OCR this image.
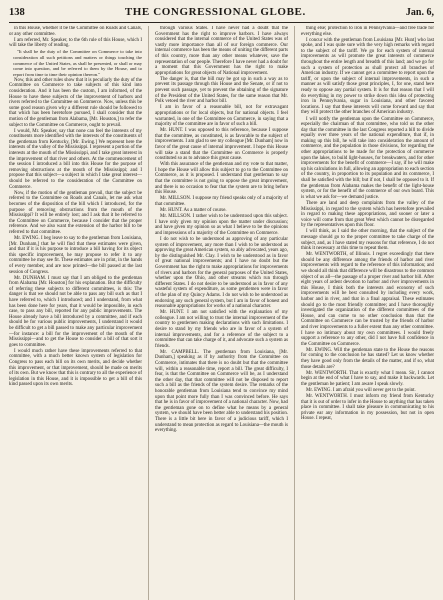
138	THE CONGRESSIONAL GLOBE.	Jan. 6,

in this House, whether it be the Committee on Roads and Canals, or any other committee.

I am referred, Mr. Speaker, to the 6th rule of this House, which I will take the liberty of reading.

"It shall be the duty of the Committee on Commerce to take into consideration all such petitions and matters or things touching the commerce of the United States, as shall be presented, or shall or may come into question, and be referred to them by the House, and to report from time to time their opinion thereon."

Now, this and other rules show that it is peculiarly the duty of the Committee on Commerce to take subjects of this kind into consideration. And it has been the custom, I am informed, of the House to have these subjects of the improvement of harbors and rivers referred to the Committee on Commerce. Now, unless this be some good reason given why a different rule should be followed to that which has been heretofore pursued, I shall consider that the motion of the gentleman from Alabama, [Mr. Houston,] to refer the subject to the Committee on Commerce, ought to prevail.

I would, Mr. Speaker, say that none can feel the interests of my constituents more identified with the interests of the constituents of the gentleman from Kentucky, [Mr. Ewing.] We represent here the interests of the valley of the Mississippi. I represent a portion of the interests at the mouth of the Mississippi, and I take great interest in the improvement of that river and others. At the commencement of the session I introduced a bill into this House for the purpose of removing obstructions at the mouth of the Mississippi; and I propose that this subject—a subject in which I take great interest—should be referred to the consideration of the Committee on Commerce.

Now, if the motion of the gentleman prevail, that the subject be referred to the Committee on Roads and Canals, let me ask what becomes of the disposition of the bill which I introduced, for the purpose of removing obstructions from the mouth of the Mississippi? It will be entirely lost; and I ask that it be referred to the Committee on Commerce, because I consider that the proper reference. And we also want the extension of the harbor bill to be referred to that committee.

Mr. EWING. I beg leave to say to the gentleman from Louisiana, [Mr. Dunham,] that he will find that these estimates were given, and that if it is his purpose to introduce a bill having for its object this specific improvement, he may propose to refer it to any committee he may see fit. These estimates are in print, in the hands of every member, and are now printed—the bill passed at the last session of Congress.

Mr. DUNHAM. I must say that I am obliged to the gentleman from Alabama [Mr. Houston] for his explanation. But the difficulty of referring these subjects to different committees, is this: The danger is that we should not be able to pass any bill such as that I have referred to, which I introduced; and I understand, from what has been done here for years, that it would be impossible, in each case, to pass any bill, reported for any public improvements. The House already have a bill introduced by a committee, and if each should be for various public improvements, I understand it would be difficult to get a bill passed to make any particular improvement—for instance: a bill for the improvement of the mouth of the Mississippi—and to get the House to consider a bill of that sort it goes to committee.

I would much rather have these improvements referred to that committee, with a much better known system of legislation for Congress to pass each bill on its own merits, and decide whether this improvement, or that improvement, should be made on merits of its own. But we know that this is contrary to all the experience of legislation in this House, and it is impossible to get a bill of this kind passed upon its own merits.

through various States. I have never had a doubt that the Government has the right to improve harbors. I have always considered that the internal commerce of the United States was of vastly more importance than all of our foreign commerce. Our internal commerce has been the means of uniting the different parts of this country, more than any other means whatever, save the representation of our people. Therefore I have never had a doubt for a moment that this Government has the right to make appropriations for great objects of National improvement.

The danger is, that the bill may be got up in such a way as to prevent its passage through this House and the Senate, or if not to prevent such passage, yet to prevent the obtaining of the signature of the President of the United States, for the same reason that Mr. Polk vetoed the river and harbor bill.

I am in favor of a reasonable bill, not for extravagant appropriations or for local objects, but for national objects. I feel warranted, in one of the Committee on Commerce, in saying that a majority of the committee are in favor of such a bill.

Mr. HUNT. I was opposed to this reference, because I suppose that the committee, as constituted, is as favorable to the subject of improvements. I am glad to see my colleague [Mr. Dunham] now in favor of the great cause of internal improvement. I hope this House will take a stand that the Committee on Commerce is properly constituted so as to advance this great cause.

With this assurance of the gentleman and my vote to that matter, I hope the House will allow this subject to go to the Committee on Commerce, as it is proposed. I understand that gentleman to say that the committee is not going to oppose the great improvement, and there is no occasion to fear that the system are to bring before this House.

Mr. MILLSON. I suppose my friend speaks only of a majority of that committee.

Mr. HUNT. As a matter of course.

Mr. MILLSON. I rather wish to be understood upon this subject. I have only given my opinion upon the matter under discussion; and have given my opinion so as what I believe to be the opinions and impressions of a majority of the Committee on Commerce.

I do not wish to be understood as approving of any particular system of improvement, any more than I wish to be understood as approving the great American system, so ably advocated, years ago, by the distinguished Mr. Clay. I wish to be understood as in favor of great national improvements; and I have no doubt but the Government has the right to make appropriations for improvements of rivers and harbors for the general purposes of the United States, whether upon the Ohio, and other streams which run through different States. I do not desire to be understood as in favor of any wasteful system of expenditure, as some gentlemen were in favor of the plan of my Quincy Adams. I do not wish to be understood as endorsing any such general system, but I am in favor of honest and reasonable appropriations for works of a national character.

Mr. HUNT. I am not satisfied with the explanation of my colleague. I am not willing to trust the internal improvement of the country to gentlemen making declarations with such limitations. I desire to stand by my friends who are in favor of a system of internal improvements, and for a reference of the subject to a committee that can take charge of it, and advocate such a system as friends.

Mr. CAMPBELL. The gentleman from Louisiana, [Mr. Dunham,] speaking as if by authority from the Committee on Commerce, intimates that there is no doubt but that the committee will, within a reasonable time, report a bill. The great difficulty, I fear, is that the Committee on Commerce will be, as I understand the other day, that that committee will not be disposed to report such a bill as the friends of the system desire. The remarks of the honorable gentleman from Louisiana tend to convince my mind upon that point more fully than I was convinced before. He says that he is in favor of improvement of a national character. Now, had the gentleman gone on to define what he means by a general system, we should have been better able to understand his position. There is a little bit here in favor of a judicious tariff, which I understand to mean protection as regard to Louisiana—the mouth is everything.

thing else; protection to iron in Pennsylvania—and free trade for everything else.

I concur with the gentleman from Louisiana [Mr. Hunt] who last spoke, and I was quite sure with the very high remarks with regard to the subject of the tariff. We go for each system of internal improvements as will promote the great interests of commerce throughout the entire length and breadth of this land; and we go for such a system of protection as shall protect all branches of American industry. If we cannot get a committee to report upon the tariff, or upon the subject of internal improvements, in such a manner as will satisfy those great principles, I, for one, stand here ready to oppose any partial system. It is for that reason that I will do everything in my power to strike down this idea of protecting iron in Pennsylvania, sugar in Louisiana, and other favored locations. I say that these interests will come forward and say that they will protect the other branches of American industry.

I will notify the gentleman upon the Committee on Commerce, especially the chairman of that committee, who told us the other day that the committee in the last Congress reported a bill to divide equally over three years of the national expenditure, that if, in making up this bill, he will take into consideration the amount of commerce, and the population in those divisions, for regarding the other appropriations to be made for the protection of commerce upon the lakes, to build light-houses, for breakwaters, and for other improvements for the benefit of commerce—I say, if he will make up his calculations in full, allowing an appropriation to each section of the country, in proportion to its population and its commerce, I shall be satisfied with the bill; but if not, I shall be opposed to it. If the gentleman from Alabama makes the benefit of the light-house system, or for the benefit of the commerce of our own board. This is what we ask for—we demand justice.

There are land and deep complaints from the valley of the Mississippi, in regard to the system which has heretofore prevailed in regard to making these appropriations, and sooner or later a voice will come from that great West which cannot be disregarded by the representatives upon this floor.

I will think, as I said the other morning, that the subject of the message should go to the proper committee to take charge of the subject, and, as I have stated my reasons for that reference, I do not think it necessary at this time to repeat them.

Mr. WENTWORTH, of Illinois. I regret exceedingly that there should be any difference among the friends of harbor and river improvements with regard to the reference of this information; and we should all think that difference will be disastrous to the common object of us all—the passage of a proper river and harbor bill. After eight years of ardent devotion to harbor and river improvements in this House, I think both the interests and economy of such improvements will be best consulted by including every work, harbor and in river, and that in a final appraisal. These estimates should go to the most friendly committee; and I have thoroughly investigated the organization of the different committees of the House, and can come to no other conclusion than that the Committee on Commerce can be trusted by the friends of harbor and river improvements to a fuller extent than any other committee. I have no intimacy about my own committees. I would freely support a reference to any other, did I not have full confidence in the Committee on Commerce.

Mr. EWING. Will the gentleman state to the House the reasons for coming to the conclusion he has stated? Let us know whether they have good only from the details of the matter, and if so, what those details are?

Mr. WENTWORTH. That is exactly what I mean. Sir, I cannot begin at the end of what I have to say, and make it backwards. Let the gentleman be patient; I am aware I speak slowly.

Mr. EWING. I am afraid you will never get to the point.

Mr. WENTWORTH. I must inform my friend from Kentucky that it is out of order to infer in the House to anything that has taken place in committee. I shall take pleasure in communicating to his private ear any information in my possession, but not in open House. I repeat,
